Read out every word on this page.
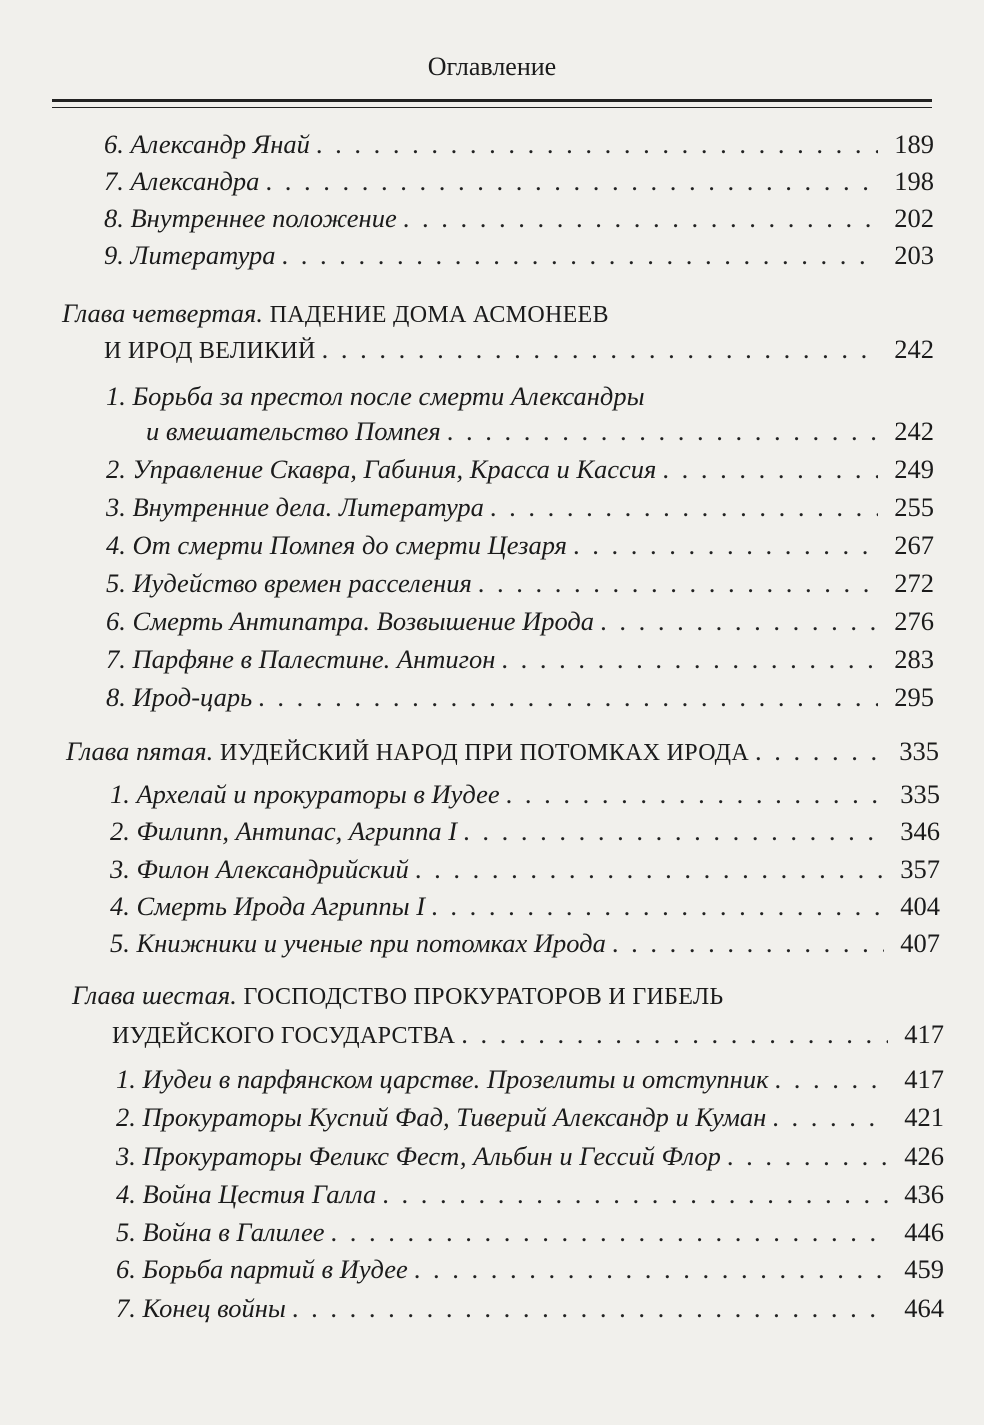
Оглавление
6. Александр Янай . . .	189
7. Александра . . .	198
8. Внутреннее положение . . .	202
9. Литература . . .	203
Глава четвертая. ПАДЕНИЕ ДОМА АСМОНЕЕВ
И ИРОД ВЕЛИКИЙ . . .	242
1. Борьба за престол после смерти Александры
и вмешательство Помпея . . .	242
2. Управление Скавра, Габиния, Красса и Кассия . . .	249
3. Внутренние дела. Литература . . .	255
4. От смерти Помпея до смерти Цезаря . . .	267
5. Иудейство времен расселения . . .	272
6. Смерть Антипатра. Возвышение Ирода . . .	276
7. Парфяне в Палестине. Антигон . . .	283
8. Ирод-царь . . .	295
Глава пятая. ИУДЕЙСКИЙ НАРОД ПРИ ПОТОМКАХ ИРОДА . . .	335
1. Архелай и прокураторы в Иудее . . .	335
2. Филипп, Антипас, Агриппа I . . .	346
3. Филон Александрийский . . .	357
4. Смерть Ирода Агриппы I . . .	404
5. Книжники и ученые при потомках Ирода . . .	407
Глава шестая. ГОСПОДСТВО ПРОКУРАТОРОВ И ГИБЕЛЬ
ИУДЕЙСКОГО ГОСУДАРСТВА . . .	417
1. Иудеи в парфянском царстве. Прозелиты и отступник . . .	417
2. Прокураторы Куспий Фад, Тиверий Александр и Куман . . .	421
3. Прокураторы Феликс Фест, Альбин и Гессий Флор . . .	426
4. Война Цестия Галла . . .	436
5. Война в Галилее . . .	446
6. Борьба партий в Иудее . . .	459
7. Конец войны . . .	464
